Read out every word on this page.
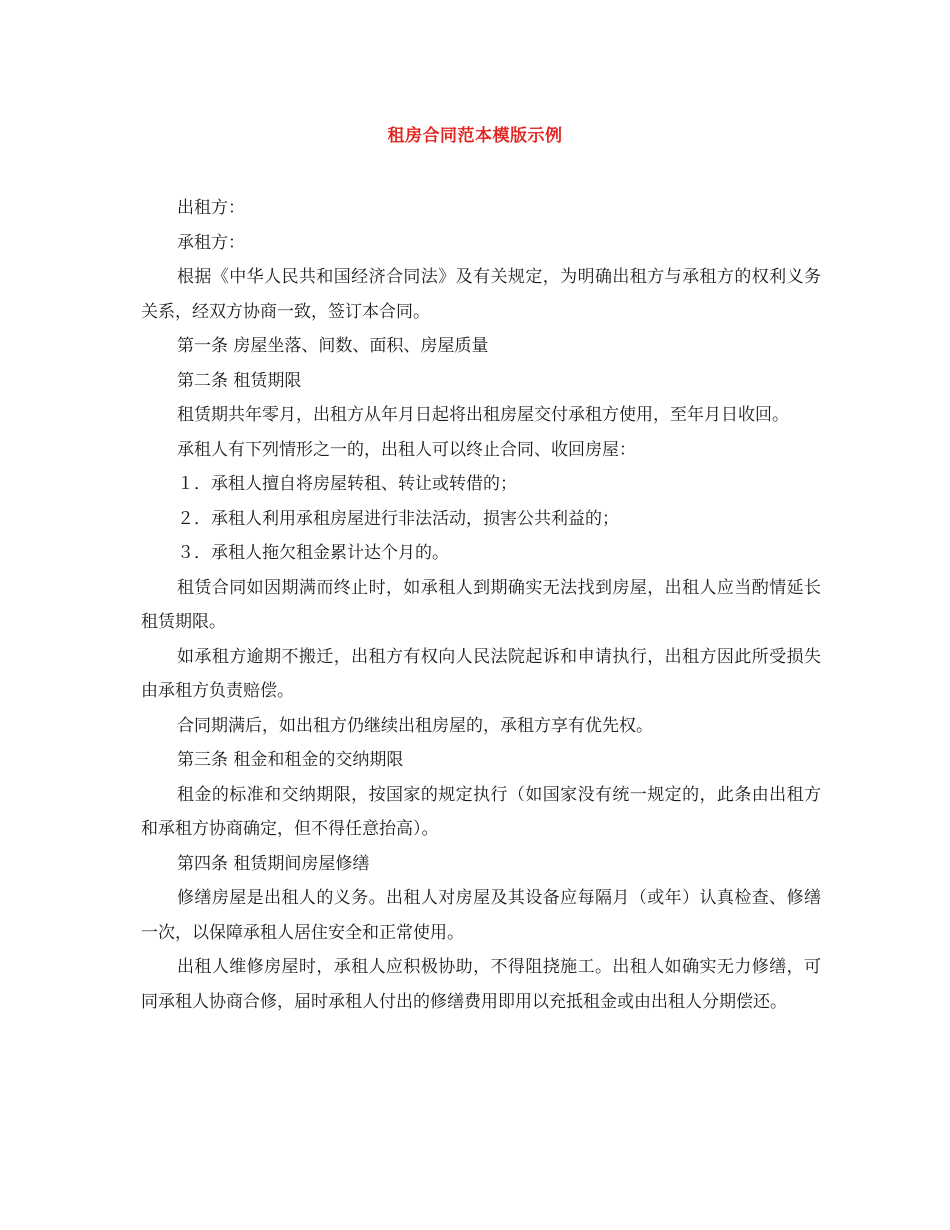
租房合同范本模版示例

出租方：

承租方：

根据《中华人民共和国经济合同法》及有关规定，为明确出租方与承租方的权利义务关系，经双方协商一致，签订本合同。

第一条 房屋坐落、间数、面积、房屋质量

第二条 租赁期限

租赁期共年零月，出租方从年月日起将出租房屋交付承租方使用，至年月日收回。

承租人有下列情形之一的，出租人可以终止合同、收回房屋：

１．承租人擅自将房屋转租、转让或转借的；

２．承租人利用承租房屋进行非法活动，损害公共利益的；

３．承租人拖欠租金累计达个月的。

租赁合同如因期满而终止时，如承租人到期确实无法找到房屋，出租人应当酌情延长租赁期限。

如承租方逾期不搬迁，出租方有权向人民法院起诉和申请执行，出租方因此所受损失由承租方负责赔偿。

合同期满后，如出租方仍继续出租房屋的，承租方享有优先权。

第三条 租金和租金的交纳期限

租金的标准和交纳期限，按国家的规定执行（如国家没有统一规定的，此条由出租方和承租方协商确定，但不得任意抬高）。

第四条 租赁期间房屋修缮

修缮房屋是出租人的义务。出租人对房屋及其设备应每隔月（或年）认真检查、修缮一次，以保障承租人居住安全和正常使用。

出租人维修房屋时，承租人应积极协助，不得阻挠施工。出租人如确实无力修缮，可同承租人协商合修，届时承租人付出的修缮费用即用以充抵租金或由出租人分期偿还。
